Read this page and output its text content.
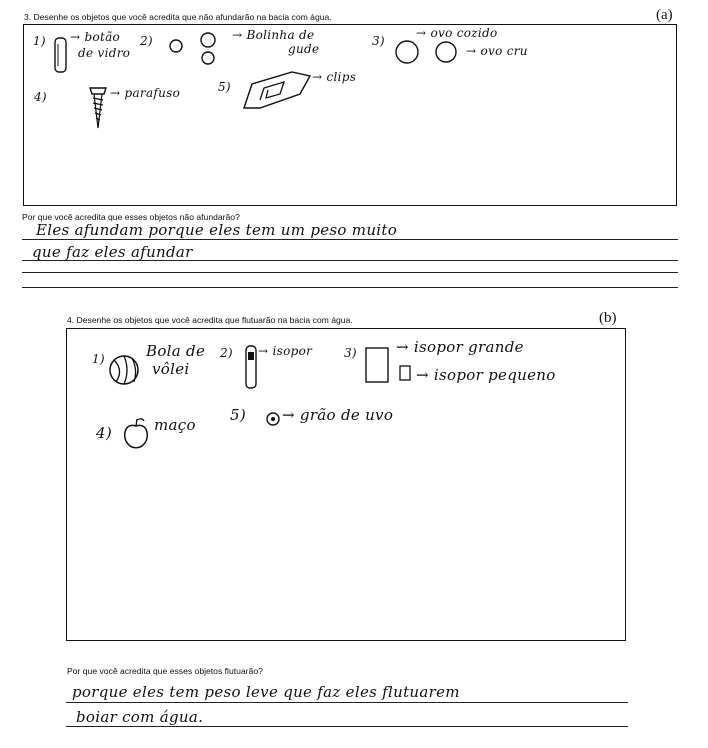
3. Desenhe os objetos que você acredita que não afundarão na bacia com água.	(a)
1) → botão
de vidro
2)	→ Bolinha de
gude
3)
→ ovo cozido
→ ovo cru
4)	→ parafuso	5)
→ clips
Por que você acredita que esses objetos não afundarão?
Eles afundam porque eles tem um peso muito
que faz eles afundar
4. Desenhe os objetos que você acredita que flutuarão na bacia com água.	(b)
1)	Bola de
vôlei
2) → isopor	3)	→ isopor grande
→ isopor pequeno
4)	maço
5) → grão de uvo
Por que você acredita que esses objetos flutuarão?
porque eles tem peso leve que faz eles flutuarem
boiar com água.
